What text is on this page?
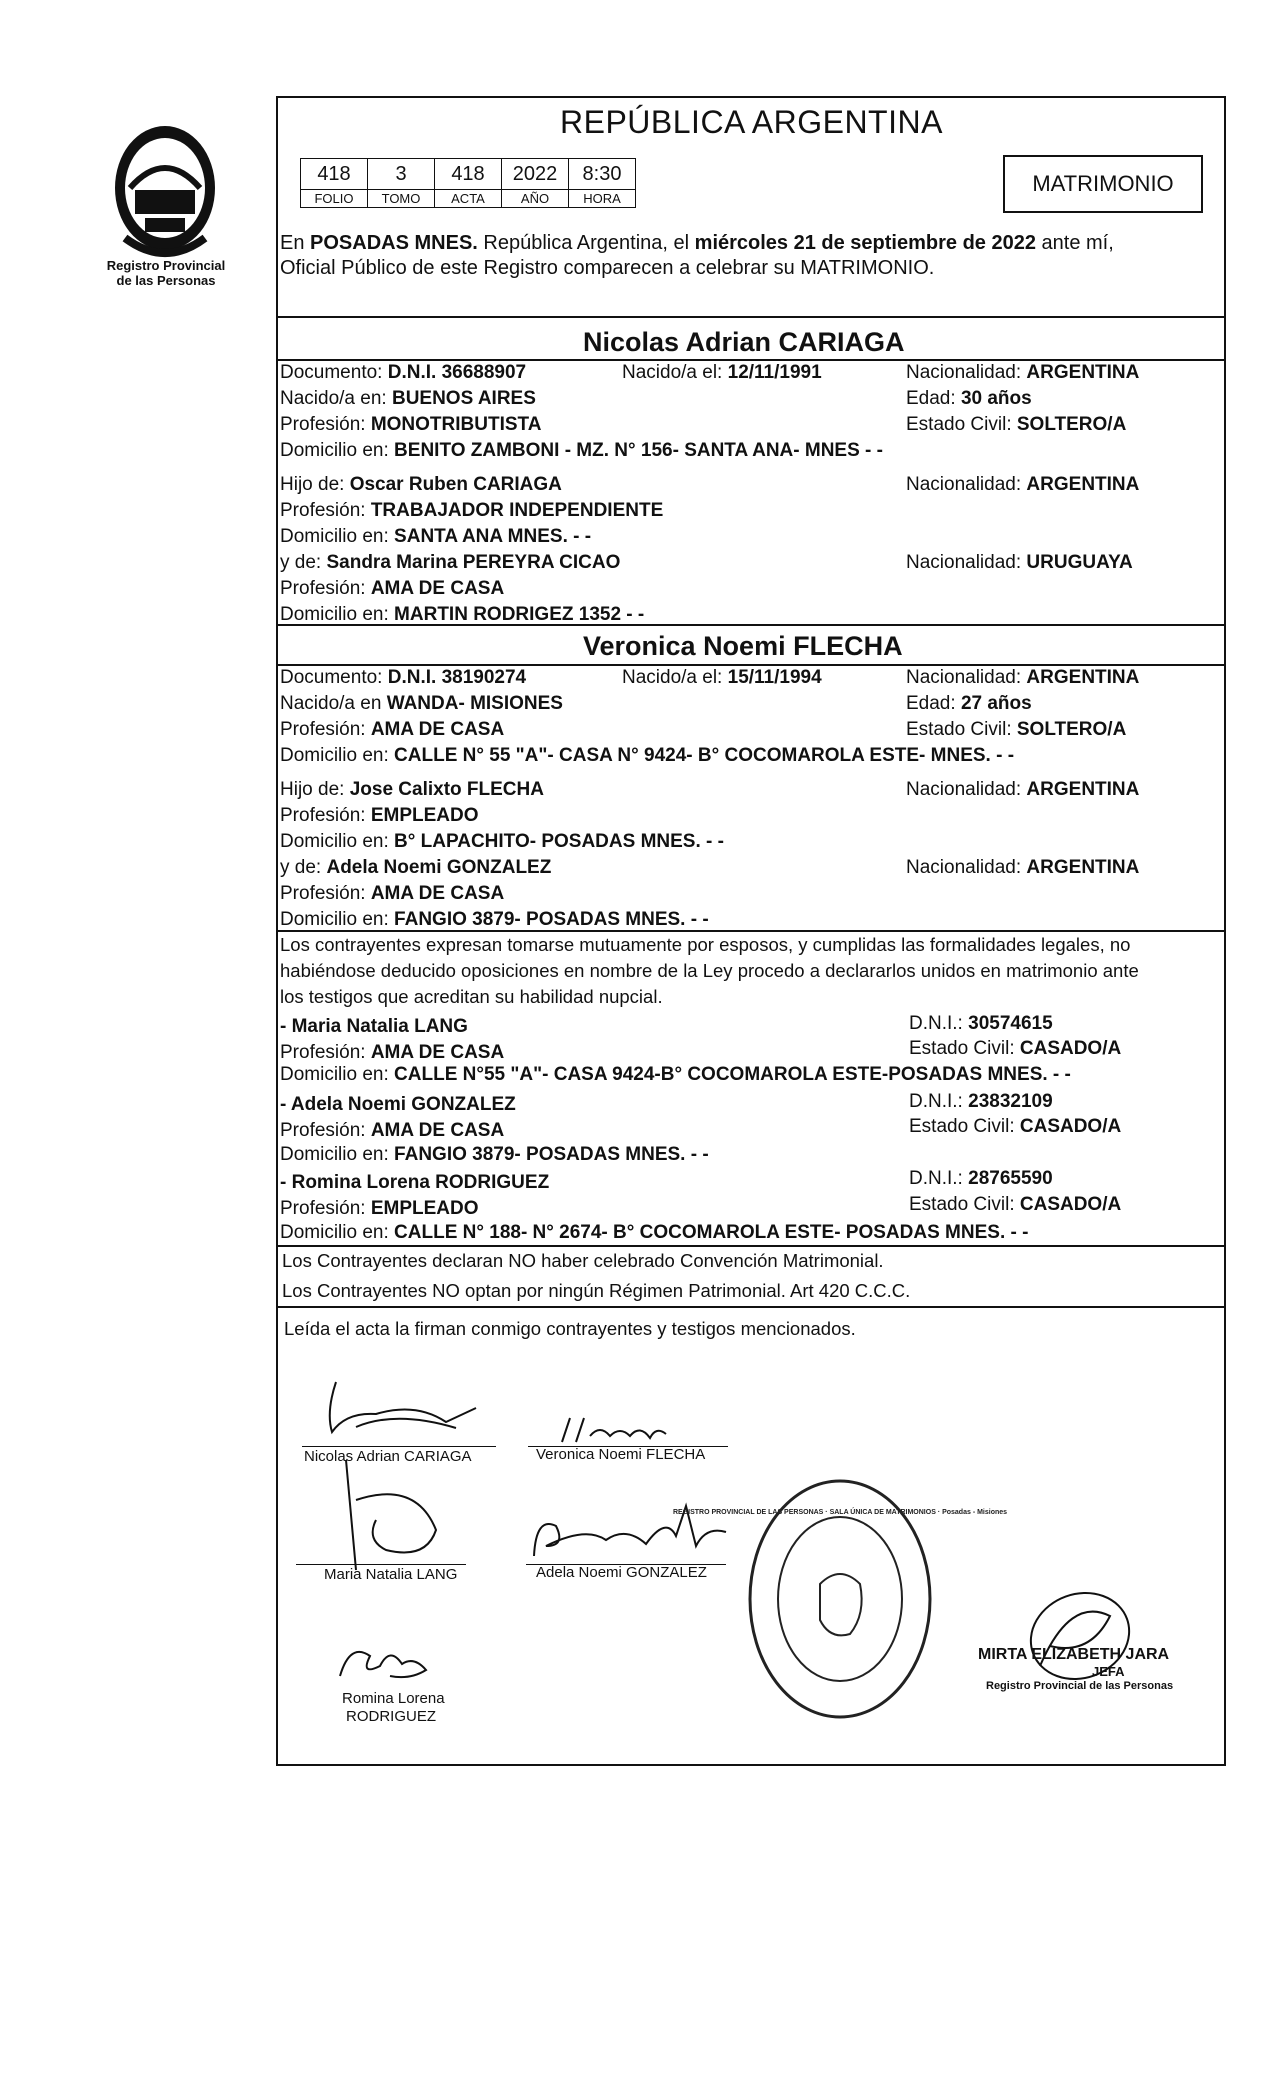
Registro Provincial
de las Personas
REPÚBLICA ARGENTINA
418	3	418	2022	8:30
FOLIO	TOMO	ACTA	AÑO	HORA
MATRIMONIO
En POSADAS MNES. República Argentina, el miércoles 21 de septiembre de 2022 ante mí,
Oficial Público de este Registro comparecen a celebrar su MATRIMONIO.
Nicolas Adrian CARIAGA
Documento: D.N.I. 36688907	Nacido/a el: 12/11/1991	Nacionalidad: ARGENTINA
Nacido/a en: BUENOS AIRES	Edad: 30 años
Profesión: MONOTRIBUTISTA	Estado Civil: SOLTERO/A
Domicilio en: BENITO ZAMBONI - MZ. N° 156- SANTA ANA- MNES - -
Hijo de: Oscar Ruben CARIAGA	Nacionalidad: ARGENTINA
Profesión: TRABAJADOR INDEPENDIENTE
Domicilio en: SANTA ANA MNES. - -
y de: Sandra Marina PEREYRA CICAO	Nacionalidad: URUGUAYA
Profesión: AMA DE CASA
Domicilio en: MARTIN RODRIGEZ 1352 - -
Veronica Noemi FLECHA
Documento: D.N.I. 38190274	Nacido/a el: 15/11/1994	Nacionalidad: ARGENTINA
Nacido/a en WANDA- MISIONES	Edad: 27 años
Profesión: AMA DE CASA	Estado Civil: SOLTERO/A
Domicilio en: CALLE N° 55 "A"- CASA N° 9424- B° COCOMAROLA ESTE- MNES. - -
Hijo de: Jose Calixto FLECHA	Nacionalidad: ARGENTINA
Profesión: EMPLEADO
Domicilio en: B° LAPACHITO- POSADAS MNES. - -
y de: Adela Noemi GONZALEZ	Nacionalidad: ARGENTINA
Profesión: AMA DE CASA
Domicilio en: FANGIO 3879- POSADAS MNES. - -
Los contrayentes expresan tomarse mutuamente por esposos, y cumplidas las formalidades legales, no
habiéndose deducido oposiciones en nombre de la Ley procedo a declararlos unidos en matrimonio ante
los testigos que acreditan su habilidad nupcial.
- Maria Natalia LANG	D.N.I.: 30574615
Profesión: AMA DE CASA	Estado Civil: CASADO/A
Domicilio en: CALLE N°55 "A"- CASA 9424-B° COCOMAROLA ESTE-POSADAS MNES. - -
- Adela Noemi GONZALEZ	D.N.I.: 23832109
Profesión: AMA DE CASA	Estado Civil: CASADO/A
Domicilio en: FANGIO 3879- POSADAS MNES. - -
- Romina Lorena RODRIGUEZ	D.N.I.: 28765590
Profesión: EMPLEADO	Estado Civil: CASADO/A
Domicilio en: CALLE N° 188- N° 2674- B° COCOMAROLA ESTE- POSADAS MNES. - -
Los Contrayentes declaran NO haber celebrado Convención Matrimonial.
Los Contrayentes NO optan por ningún Régimen Patrimonial. Art 420 C.C.C.
Leída el acta la firman conmigo contrayentes y testigos mencionados.
Nicolas Adrian CARIAGA	Veronica Noemi FLECHA
Maria Natalia LANG	Adela Noemi GONZALEZ
Romina Lorena
RODRIGUEZ
REGISTRO PROVINCIAL DE LAS PERSONAS · SALA ÚNICA DE MATRIMONIOS · Posadas - Misiones
MIRTA ELIZABETH JARA
JEFA
Registro Provincial de las Personas
